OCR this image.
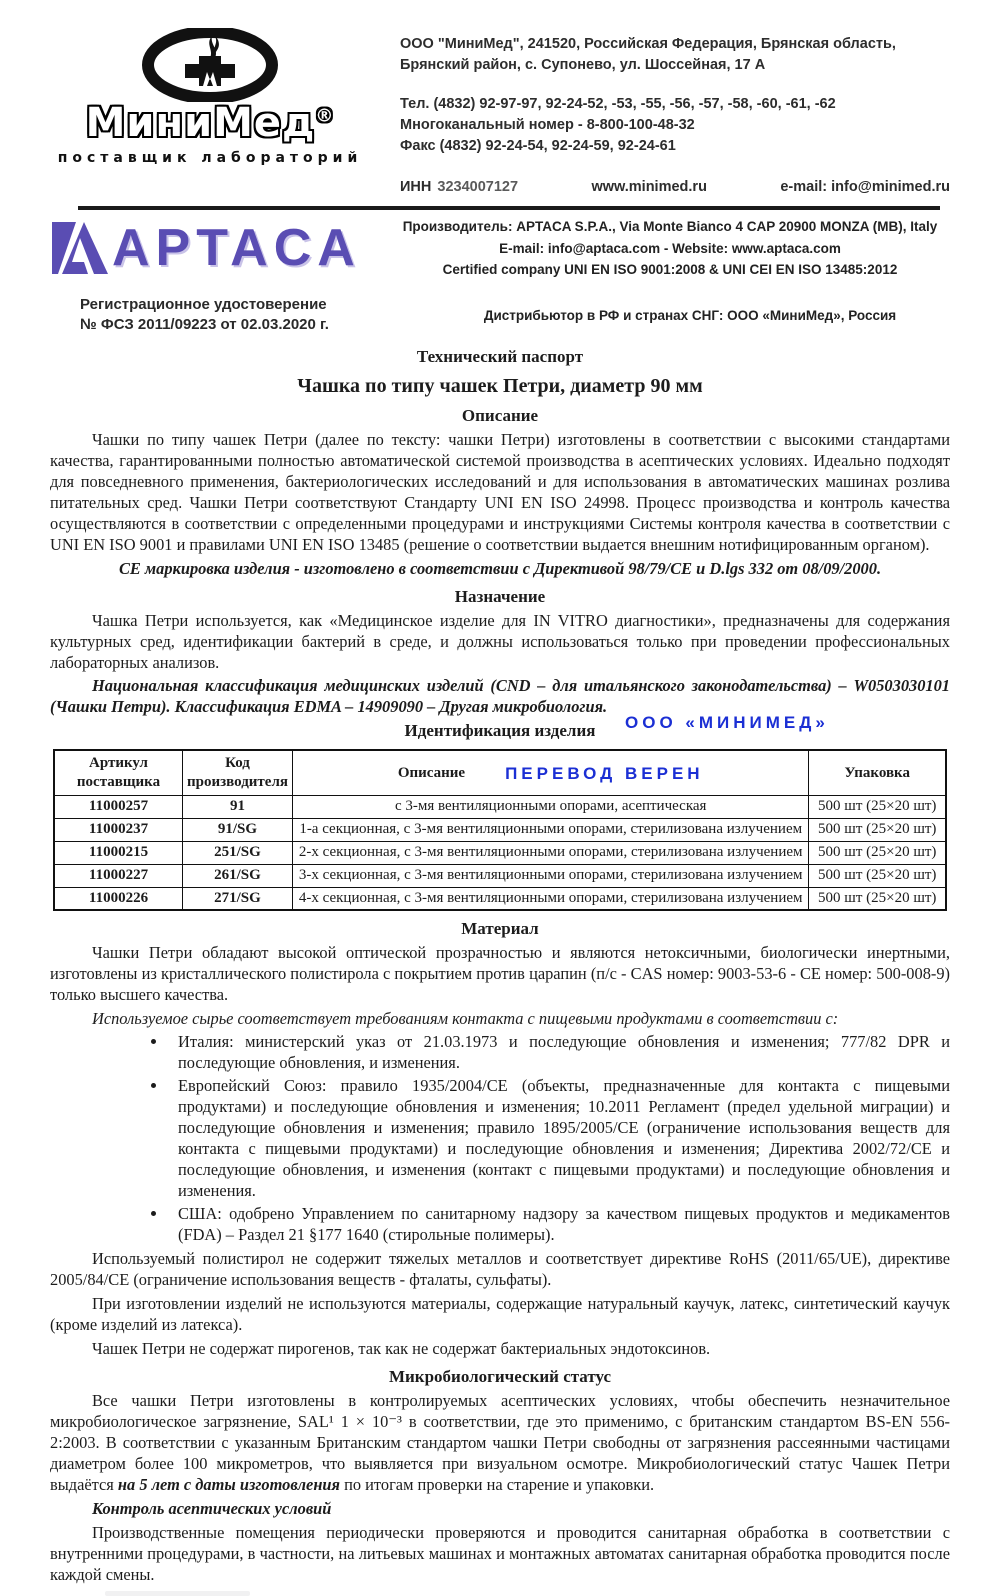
МиниМед®
поставщик лабораторий
ООО "МиниМед", 241520, Российская Федерация, Брянская область,
Брянский район, с. Супонево, ул. Шоссейная, 17 А
Тел. (4832) 92-97-97, 92-24-52, -53, -55, -56, -57, -58, -60, -61, -62
Многоканальный номер - 8-800-100-48-32
Факс (4832) 92-24-54, 92-24-59, 92-24-61
ИНН 3234007127	www.minimed.ru	e-mail: info@minimed.ru
APTACA	Производитель: APTACA S.P.A., Via Monte Bianco 4 CAP 20900 MONZA (MB), Italy
E-mail: info@aptaca.com - Website: www.aptaca.com
Certified company UNI EN ISO 9001:2008 & UNI CEI EN ISO 13485:2012
Регистрационное удостоверение
№ ФСЗ 2011/09223 от 02.03.2020 г.
Дистрибьютор в РФ и странах СНГ: ООО «МиниМед», Россия
Технический паспорт
Чашка по типу чашек Петри, диаметр 90 мм
Описание

Чашки по типу чашек Петри (далее по тексту: чашки Петри) изготовлены в соответствии с высокими стандартами качества, гарантированными полностью автоматической системой производства в асептических условиях. Идеально подходят для повседневного применения, бактериологических исследований и для использования в автоматических машинах розлива питательных сред. Чашки Петри соответствуют Стандарту UNI EN ISO 24998. Процесс производства и контроль качества осуществляются в соответствии с определенными процедурами и инструкциями Системы контроля качества в соответствии с UNI EN ISO 9001 и правилами UNI EN ISO 13485 (решение о соответствии выдается внешним нотифицированным органом).

СЕ маркировка изделия - изготовлено в соответствии с Директивой 98/79/СЕ и D.lgs 332 от 08/09/2000.
Назначение

Чашка Петри используется, как «Медицинское изделие для IN VITRO диагностики», предназначены для содержания культурных сред, идентификации бактерий в среде, и должны использоваться только при проведении профессиональных лабораторных анализов.

Национальная классификация медицинских изделий (CND – для итальянского законодательства) – W0503030101 (Чашки Петри). Классификация EDMA – 14909090 – Другая микробиология.

Идентификация изделия	ООО «МИНИМЕД»
Артикул поставщика	Код производителя	Описание ПЕРЕВОД ВЕРЕН	Упаковка
11000257	91	с 3-мя вентиляционными опорами, асептическая	500 шт (25×20 шт)
11000237	91/SG	1-а секционная, с 3-мя вентиляционными опорами, стерилизована излучением	500 шт (25×20 шт)
11000215	251/SG	2-х секционная, с 3-мя вентиляционными опорами, стерилизована излучением	500 шт (25×20 шт)
11000227	261/SG	3-х секционная, с 3-мя вентиляционными опорами, стерилизована излучением	500 шт (25×20 шт)
11000226	271/SG	4-х секционная, с 3-мя вентиляционными опорами, стерилизована излучением	500 шт (25×20 шт)
Материал

Чашки Петри обладают высокой оптической прозрачностью и являются нетоксичными, биологически инертными, изготовлены из кристаллического полистирола с покрытием против царапин (п/с - CAS номер: 9003-53-6 - СЕ номер: 500-008-9) только высшего качества.

Используемое сырье соответствует требованиям контакта с пищевыми продуктами в соответствии с:

• Италия: министерский указ от 21.03.1973 и последующие обновления и изменения; 777/82 DPR и последующие обновления, и изменения.
• Европейский Союз: правило 1935/2004/СЕ (объекты, предназначенные для контакта с пищевыми продуктами) и последующие обновления и изменения; 10.2011 Регламент (предел удельной миграции) и последующие обновления и изменения; правило 1895/2005/СЕ (ограничение использования веществ для контакта с пищевыми продуктами) и последующие обновления и изменения; Директива 2002/72/СЕ и последующие обновления, и изменения (контакт с пищевыми продуктами) и последующие обновления и изменения.
• США: одобрено Управлением по санитарному надзору за качеством пищевых продуктов и медикаментов (FDA) – Раздел 21 §177 1640 (стирольные полимеры).

Используемый полистирол не содержит тяжелых металлов и соответствует директиве RoHS (2011/65/UE), директиве 2005/84/СЕ (ограничение использования веществ - фталаты, сульфаты).

При изготовлении изделий не используются материалы, содержащие натуральный каучук, латекс, синтетический каучук (кроме изделий из латекса).

Чашек Петри не содержат пирогенов, так как не содержат бактериальных эндотоксинов.

Микробиологический статус

Все чашки Петри изготовлены в контролируемых асептических условиях, чтобы обеспечить незначительное микробиологическое загрязнение, SAL¹ 1 × 10⁻³ в соответствии, где это применимо, с британским стандартом BS-EN 556-2:2003. В соответствии с указанным Британским стандартом чашки Петри свободны от загрязнения рассеянными частицами диаметром более 100 микрометров, что выявляется при визуальном осмотре. Микробиологический статус Чашек Петри выдаётся на 5 лет с даты изготовления по итогам проверки на старение и упаковки.

Контроль асептических условий

Производственные помещения периодически проверяются и проводится санитарная обработка в соответствии с внутренними процедурами, в частности, на литьевых машинах и монтажных автоматах санитарная обработка проводится после каждой смены.
